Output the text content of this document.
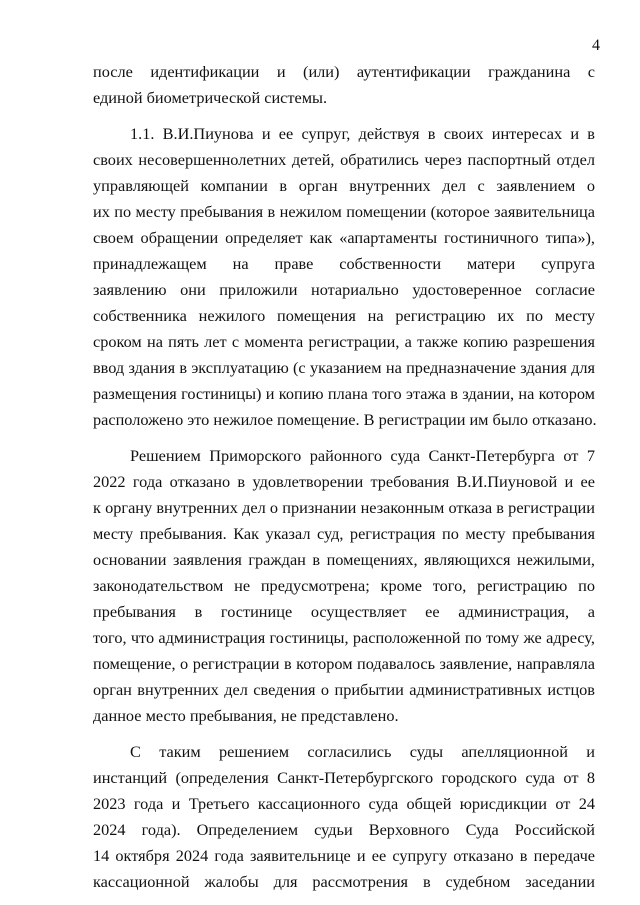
4
после идентификации и (или) аутентификации гражданина с
единой биометрической системы.
1.1. В.И.Пиунова и ее супруг, действуя в своих интересах и в
своих несовершеннолетних детей, обратились через паспортный отдел
управляющей компании в орган внутренних дел с заявлением о
их по месту пребывания в нежилом помещении (которое заявительница
своем обращении определяет как «апартаменты гостиничного типа»),
принадлежащем на праве собственности матери супруга
заявлению они приложили нотариально удостоверенное согласие
собственника нежилого помещения на регистрацию их по месту
сроком на пять лет с момента регистрации, а также копию разрешения
ввод здания в эксплуатацию (с указанием на предназначение здания для
размещения гостиницы) и копию плана того этажа в здании, на котором
расположено это нежилое помещение. В регистрации им было отказано.
Решением Приморского районного суда Санкт-Петербурга от 7
2022 года отказано в удовлетворении требования В.И.Пиуновой и ее
к органу внутренних дел о признании незаконным отказа в регистрации
месту пребывания. Как указал суд, регистрация по месту пребывания
основании заявления граждан в помещениях, являющихся нежилыми,
законодательством не предусмотрена; кроме того, регистрацию по
пребывания в гостинице осуществляет ее администрация, а
того, что администрация гостиницы, расположенной по тому же адресу,
помещение, о регистрации в котором подавалось заявление, направляла
орган внутренних дел сведения о прибытии административных истцов
данное место пребывания, не представлено.
С таким решением согласились суды апелляционной и
инстанций (определения Санкт-Петербургского городского суда от 8
2023 года и Третьего кассационного суда общей юрисдикции от 24
2024 года). Определением судьи Верховного Суда Российской
14 октября 2024 года заявительнице и ее супругу отказано в передаче
кассационной жалобы для рассмотрения в судебном заседании
